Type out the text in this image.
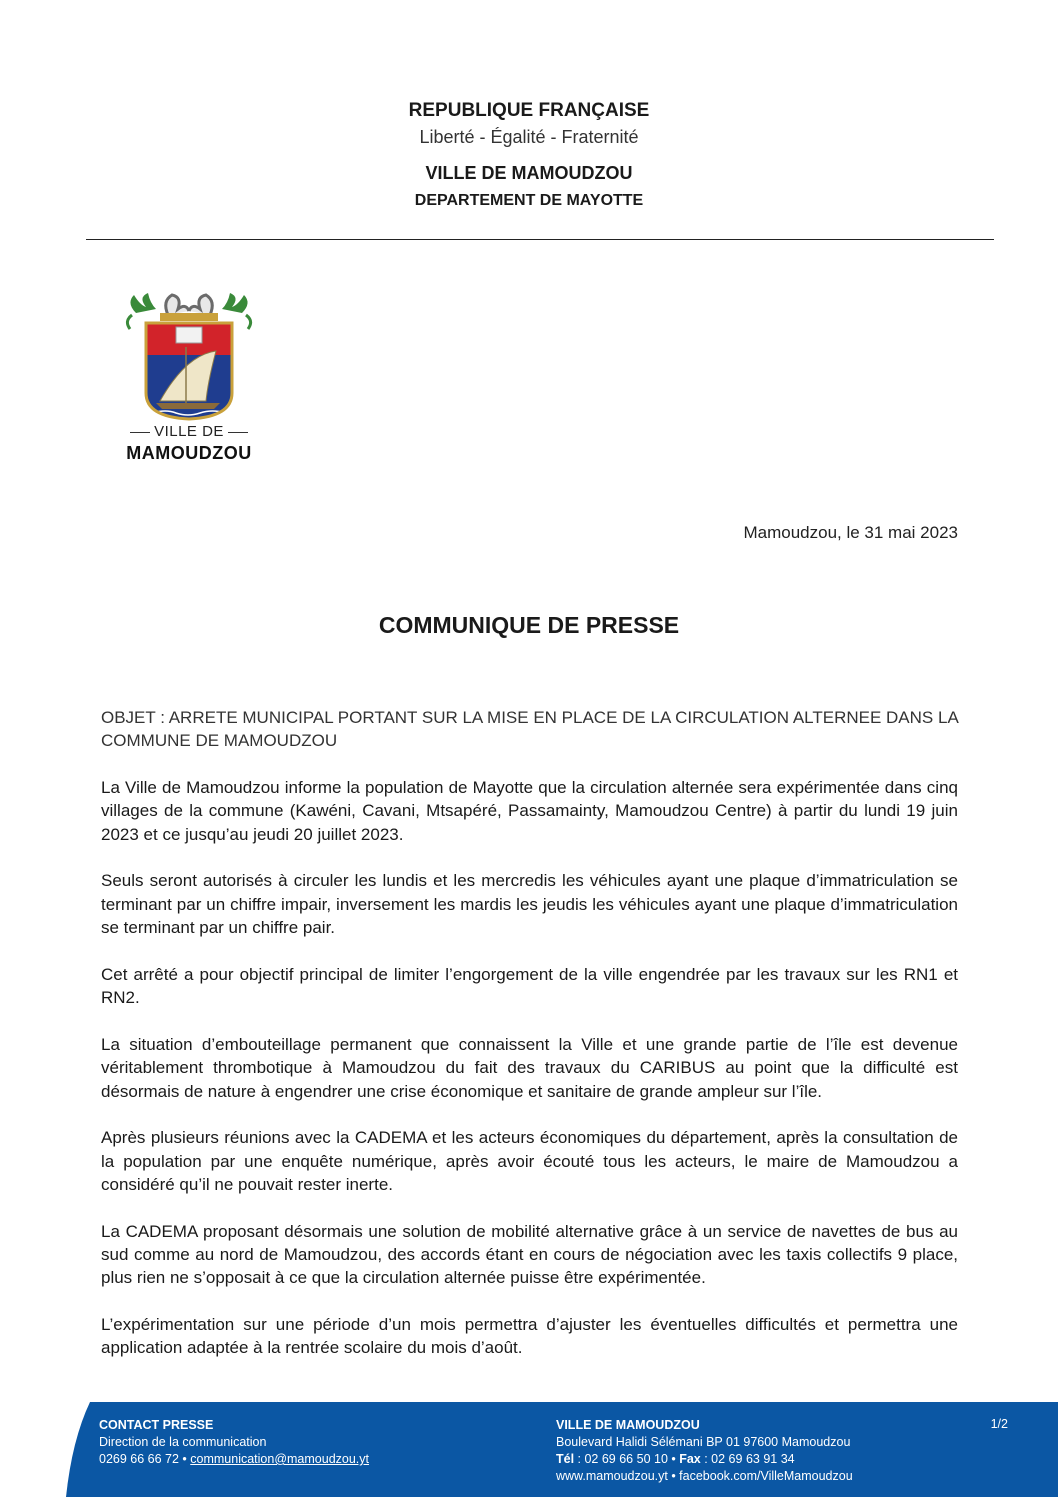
REPUBLIQUE FRANÇAISE
Liberté - Égalité - Fraternité
VILLE DE MAMOUDZOU
DEPARTEMENT DE MAYOTTE
VILLE DE
MAMOUDZOU
Mamoudzou, le 31 mai 2023
COMMUNIQUE DE PRESSE

OBJET : ARRETE MUNICIPAL PORTANT SUR LA MISE EN PLACE DE LA CIRCULATION ALTERNEE DANS LA COMMUNE DE MAMOUDZOU

La Ville de Mamoudzou informe la population de Mayotte que la circulation alternée sera expérimentée dans cinq villages de la commune (Kawéni, Cavani, Mtsapéré, Passamainty, Mamoudzou Centre) à partir du lundi 19 juin 2023 et ce jusqu’au jeudi 20 juillet 2023.

Seuls seront autorisés à circuler les lundis et les mercredis les véhicules ayant une plaque d’immatriculation se terminant par un chiffre impair, inversement les mardis les jeudis les véhicules ayant une plaque d’immatriculation se terminant par un chiffre pair.

Cet arrêté a pour objectif principal de limiter l’engorgement de la ville engendrée par les travaux sur les RN1 et RN2.

La situation d’embouteillage permanent que connaissent la Ville et une grande partie de l’île est devenue véritablement thrombotique à Mamoudzou du fait des travaux du CARIBUS au point que la difficulté est désormais de nature à engendrer une crise économique et sanitaire de grande ampleur sur l’île.

Après plusieurs réunions avec la CADEMA et les acteurs économiques du département, après la consultation de la population par une enquête numérique, après avoir écouté tous les acteurs, le maire de Mamoudzou a considéré qu’il ne pouvait rester inerte.

La CADEMA proposant désormais une solution de mobilité alternative grâce à un service de navettes de bus au sud comme au nord de Mamoudzou, des accords étant en cours de négociation avec les taxis collectifs 9 place, plus rien ne s’opposait à ce que la circulation alternée puisse être expérimentée.

L’expérimentation sur une période d’un mois permettra d’ajuster les éventuelles difficultés et permettra une application adaptée à la rentrée scolaire du mois d’août.

CONTACT PRESSE
Direction de la communication
0269 66 66 72 • communication@mamoudzou.yt
VILLE DE MAMOUDZOU
Boulevard Halidi Sélémani BP 01 97600 Mamoudzou
Tél : 02 69 66 50 10 • Fax : 02 69 63 91 34
www.mamoudzou.yt • facebook.com/VilleMamoudzou
1/2
